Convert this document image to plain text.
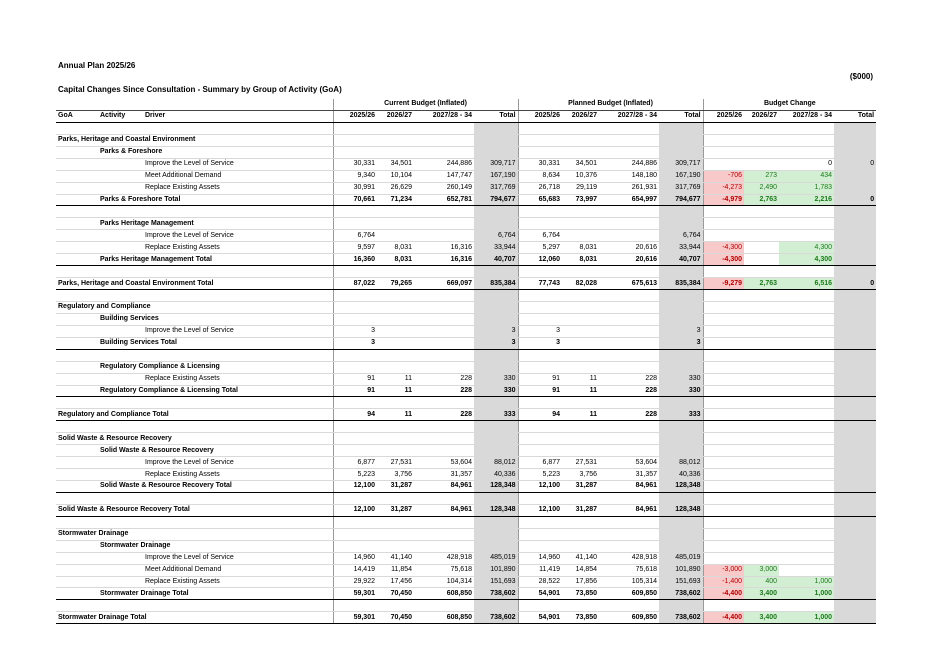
Annual Plan 2025/26
($000)
Capital Changes Since Consultation - Summary by Group of Activity (GoA)
			Current Budget (Inflated)				Planned Budget (Inflated)				Budget Change			
GoA	Activity	Driver	2025/26	2026/27	2027/28 - 34	Total	2025/26	2026/27	2027/28 - 34	Total	2025/26	2026/27	2027/28 - 34	Total

Parks, Heritage and Coastal Environment														
Parks & Foreshore														
Improve the Level of Service			30,331	34,501	244,886	309,717	30,331	34,501	244,886	309,717			0	0
Meet Additional Demand			9,340	10,104	147,747	167,190	8,634	10,376	148,180	167,190	-706	273	434	
Replace Existing Assets			30,991	26,629	260,149	317,769	26,718	29,119	261,931	317,769	-4,273	2,490	1,783	
Parks & Foreshore Total			70,661	71,234	652,781	794,677	65,683	73,997	654,997	794,677	-4,979	2,763	2,216	0

Parks Heritage Management														
Improve the Level of Service			6,764			6,764	6,764			6,764				
Replace Existing Assets			9,597	8,031	16,316	33,944	5,297	8,031	20,616	33,944	-4,300		4,300	
Parks Heritage Management Total			16,360	8,031	16,316	40,707	12,060	8,031	20,616	40,707	-4,300		4,300	

Parks, Heritage and Coastal Environment Total			87,022	79,265	669,097	835,384	77,743	82,028	675,613	835,384	-9,279	2,763	6,516	0

Regulatory and Compliance														
Building Services														
Improve the Level of Service			3			3	3			3				
Building Services Total			3			3	3			3				

Regulatory Compliance & Licensing														
Replace Existing Assets			91	11	228	330	91	11	228	330				
Regulatory Compliance & Licensing Total			91	11	228	330	91	11	228	330				

Regulatory and Compliance Total			94	11	228	333	94	11	228	333				

Solid Waste & Resource Recovery														
Solid Waste & Resource Recovery														
Improve the Level of Service			6,877	27,531	53,604	88,012	6,877	27,531	53,604	88,012				
Replace Existing Assets			5,223	3,756	31,357	40,336	5,223	3,756	31,357	40,336				
Solid Waste & Resource Recovery Total			12,100	31,287	84,961	128,348	12,100	31,287	84,961	128,348				

Solid Waste & Resource Recovery Total			12,100	31,287	84,961	128,348	12,100	31,287	84,961	128,348				

Stormwater Drainage														
Stormwater Drainage														
Improve the Level of Service			14,960	41,140	428,918	485,019	14,960	41,140	428,918	485,019				
Meet Additional Demand			14,419	11,854	75,618	101,890	11,419	14,854	75,618	101,890	-3,000	3,000		
Replace Existing Assets			29,922	17,456	104,314	151,693	28,522	17,856	105,314	151,693	-1,400	400	1,000	
Stormwater Drainage Total			59,301	70,450	608,850	738,602	54,901	73,850	609,850	738,602	-4,400	3,400	1,000	

Stormwater Drainage Total			59,301	70,450	608,850	738,602	54,901	73,850	609,850	738,602	-4,400	3,400	1,000	
